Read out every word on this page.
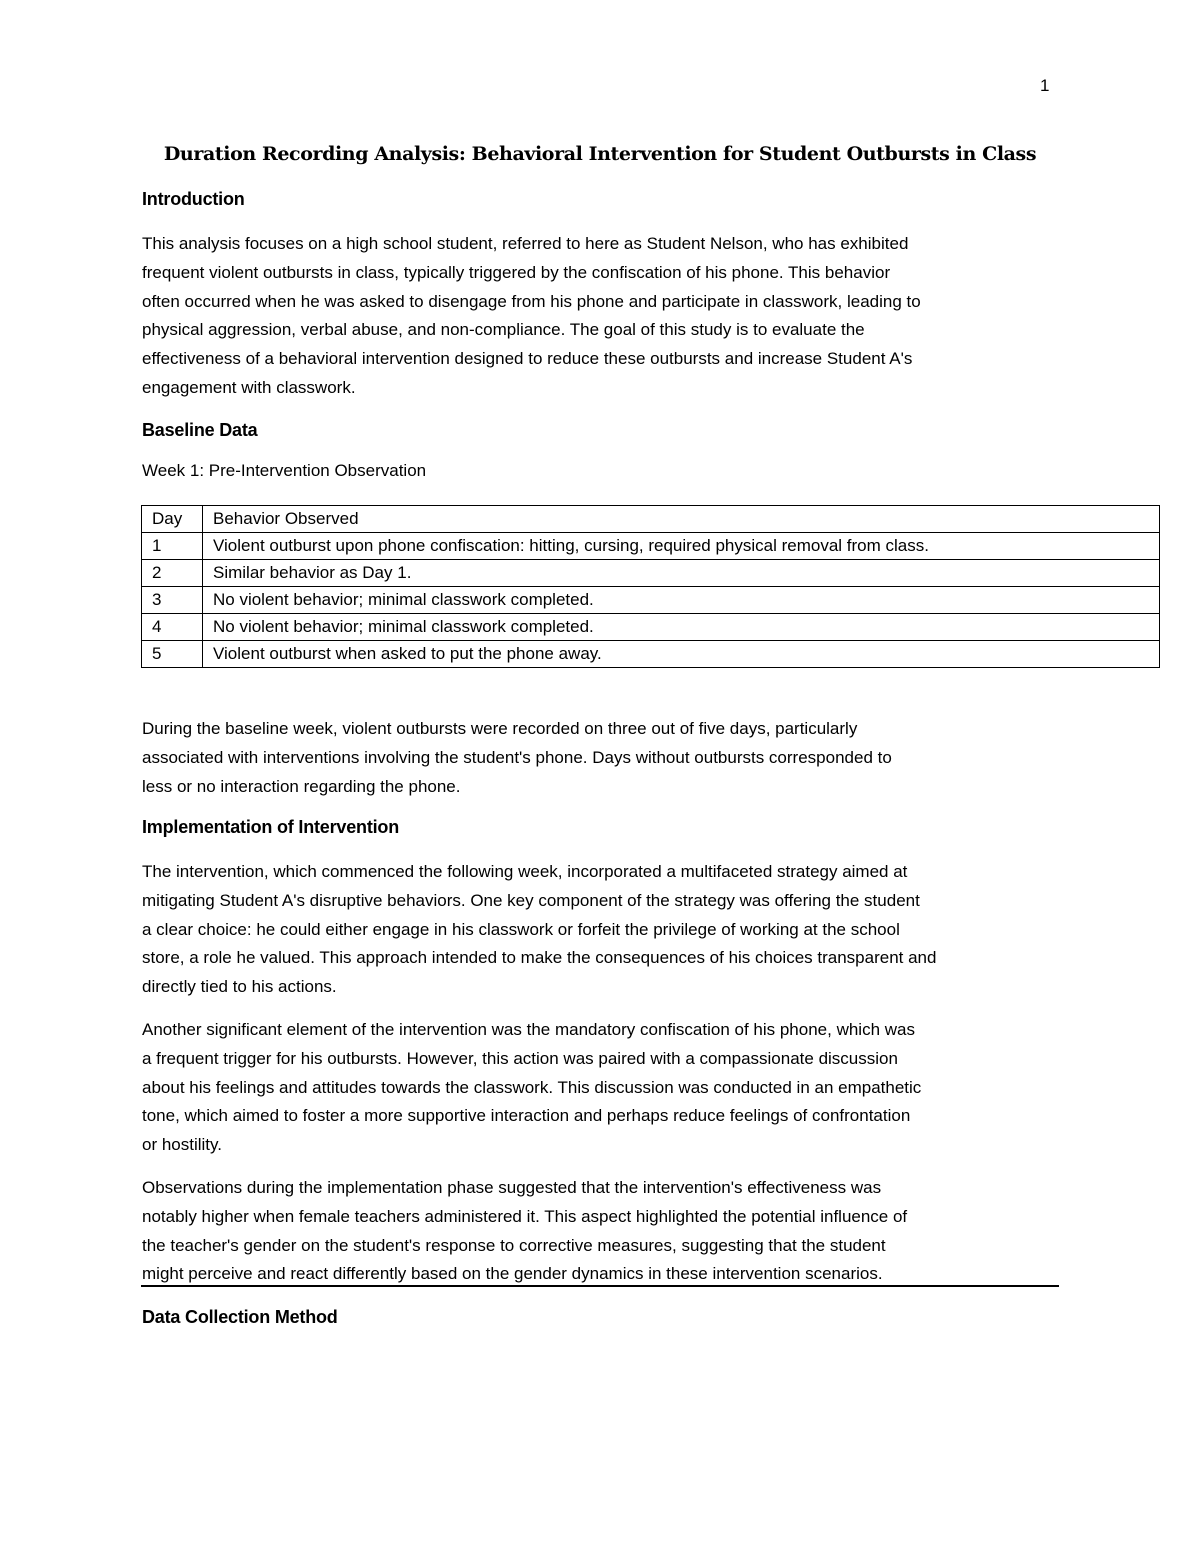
1
Duration Recording Analysis: Behavioral Intervention for Student Outbursts in Class
Introduction
This analysis focuses on a high school student, referred to here as Student Nelson, who has exhibited
frequent violent outbursts in class, typically triggered by the confiscation of his phone. This behavior
often occurred when he was asked to disengage from his phone and participate in classwork, leading to
physical aggression, verbal abuse, and non-compliance. The goal of this study is to evaluate the
effectiveness of a behavioral intervention designed to reduce these outbursts and increase Student A's
engagement with classwork.
Baseline Data
Week 1: Pre-Intervention Observation
Day	Behavior Observed
1	Violent outburst upon phone confiscation: hitting, cursing, required physical removal from class.
2	Similar behavior as Day 1.
3	No violent behavior; minimal classwork completed.
4	No violent behavior; minimal classwork completed.
5	Violent outburst when asked to put the phone away.
During the baseline week, violent outbursts were recorded on three out of five days, particularly
associated with interventions involving the student's phone. Days without outbursts corresponded to
less or no interaction regarding the phone.
Implementation of Intervention
The intervention, which commenced the following week, incorporated a multifaceted strategy aimed at
mitigating Student A's disruptive behaviors. One key component of the strategy was offering the student
a clear choice: he could either engage in his classwork or forfeit the privilege of working at the school
store, a role he valued. This approach intended to make the consequences of his choices transparent and
directly tied to his actions.
Another significant element of the intervention was the mandatory confiscation of his phone, which was
a frequent trigger for his outbursts. However, this action was paired with a compassionate discussion
about his feelings and attitudes towards the classwork. This discussion was conducted in an empathetic
tone, which aimed to foster a more supportive interaction and perhaps reduce feelings of confrontation
or hostility.
Observations during the implementation phase suggested that the intervention's effectiveness was
notably higher when female teachers administered it. This aspect highlighted the potential influence of
the teacher's gender on the student's response to corrective measures, suggesting that the student
might perceive and react differently based on the gender dynamics in these intervention scenarios.
Data Collection Method
